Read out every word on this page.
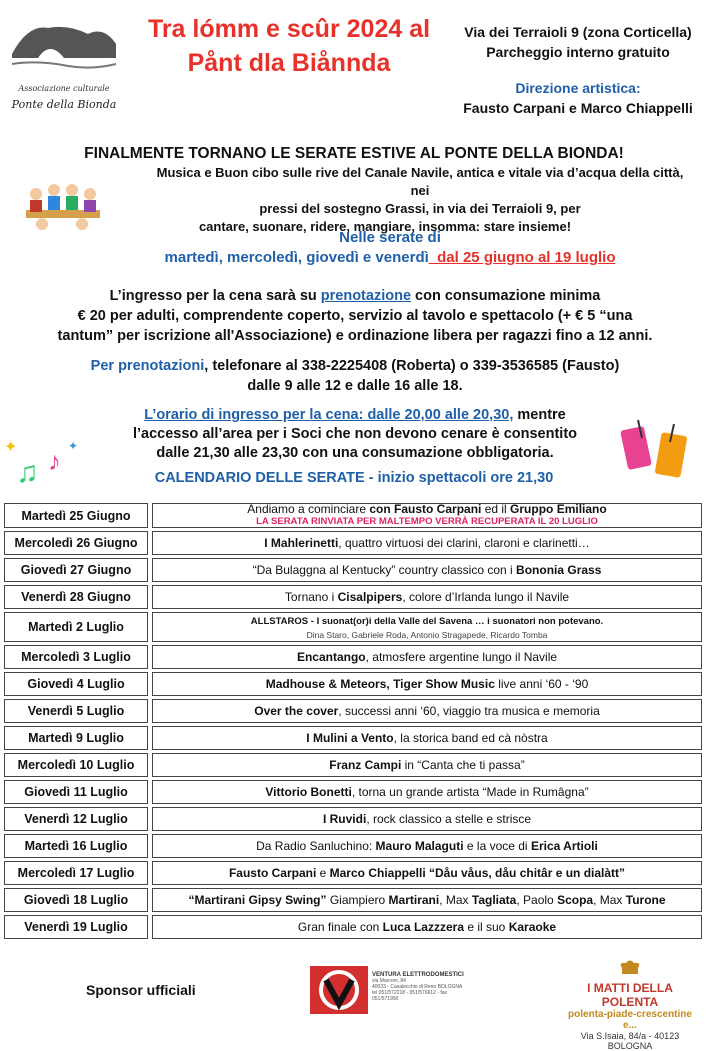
Associazione culturale
Ponte della Bionda
Tra lómm e scûr 2024 al
Pånt dla Biånnda
Via dei Terraioli 9 (zona Corticella)
Parcheggio interno gratuito
Direzione artistica:
Fausto Carpani e Marco Chiappelli
FINALMENTE TORNANO LE SERATE ESTIVE AL PONTE DELLA BIONDA!
Musica e Buon cibo sulle rive del Canale Navile, antica e vitale via d’acqua della città, nei
pressi del sostegno Grassi, in via dei Terraioli 9, per
cantare, suonare, ridere, mangiare, insomma: stare insieme!
Nelle serate di
martedì, mercoledì, giovedì e venerdì_dal 25 giugno al 19 luglio
L’ingresso per la cena sarà su prenotazione con consumazione minima
€ 20 per adulti, comprendente coperto, servizio al tavolo e spettacolo (+ € 5 “una
tantum” per iscrizione all'Associazione) e ordinazione libera per ragazzi fino a 12 anni.
Per prenotazioni, telefonare al 338-2225408 (Roberta) o 339-3536585 (Fausto)
dalle 9 alle 12 e dalle 16 alle 18.
✦
♫ ♪ ✦
L’orario di ingresso per la cena: dalle 20,00 alle 20,30, mentre
l’accesso all’area per i Soci che non devono cenare è consentito
dalle 21,30 alle 23,30 con una consumazione obbligatoria.
CALENDARIO DELLE SERATE - inizio spettacoli ore 21,30
Martedì 25 Giugno		Andiamo a cominciare con Fausto Carpani ed il Gruppo Emiliano
LA SERATA RINVIATA PER MALTEMPO VERRÀ RECUPERATA IL 20 LUGLIO
Mercoledì 26 Giugno		I Mahlerinetti, quattro virtuosi dei clarini, claroni e clarinetti…
Giovedì 27 Giugno		“Da Bulaggna al Kentucky” country classico con i Bononia Grass
Venerdì 28 Giugno		Tornano i Cisalpipers, colore d’Irlanda lungo il Navile
Martedì 2 Luglio		ALLSTAROS - I suonat(or)i della Valle del Savena … i suonatori non potevano.
Dina Staro, Gabriele Roda, Antonio Stragapede, Ricardo Tomba
Mercoledì 3 Luglio		Encantango, atmosfere argentine lungo il Navile
Giovedì 4 Luglio		Madhouse & Meteors, Tiger Show Music live anni ‘60 - ‘90
Venerdì 5 Luglio		Over the cover, successi anni ‘60, viaggio tra musica e memoria
Martedì 9 Luglio		I Mulini a Vento, la storica band ed cà nòstra
Mercoledì 10 Luglio		Franz Campi in “Canta che ti passa”
Giovedì 11 Luglio		Vittorio Bonetti, torna un grande artista “Made in Rumâgna”
Venerdì 12 Luglio		I Ruvidi, rock classico a stelle e strisce
Martedì 16 Luglio		Da Radio Sanluchino: Mauro Malaguti e la voce di Erica Artioli
Mercoledì 17 Luglio		Fausto Carpani e Marco Chiappelli “Dåu våus, dåu chitâr e un dialàtt”
Giovedì 18 Luglio		“Martirani Gipsy Swing” Giampiero Martirani, Max Tagliata, Paolo Scopa, Max Turone
Venerdì 19 Luglio		Gran finale con Luca Lazzzera e il suo Karaoke
Sponsor ufficiali
VENTURA ELETTRODOMESTICI
via Marconi, 84
40033 - Casalecchio di Reno BOLOGNA
tel 051/572218 - 051/576612 - fax 051/571990
I MATTI DELLA POLENTA
polenta-piade-crescentine e...
Via S.Isaia, 84/a - 40123 BOLOGNA
